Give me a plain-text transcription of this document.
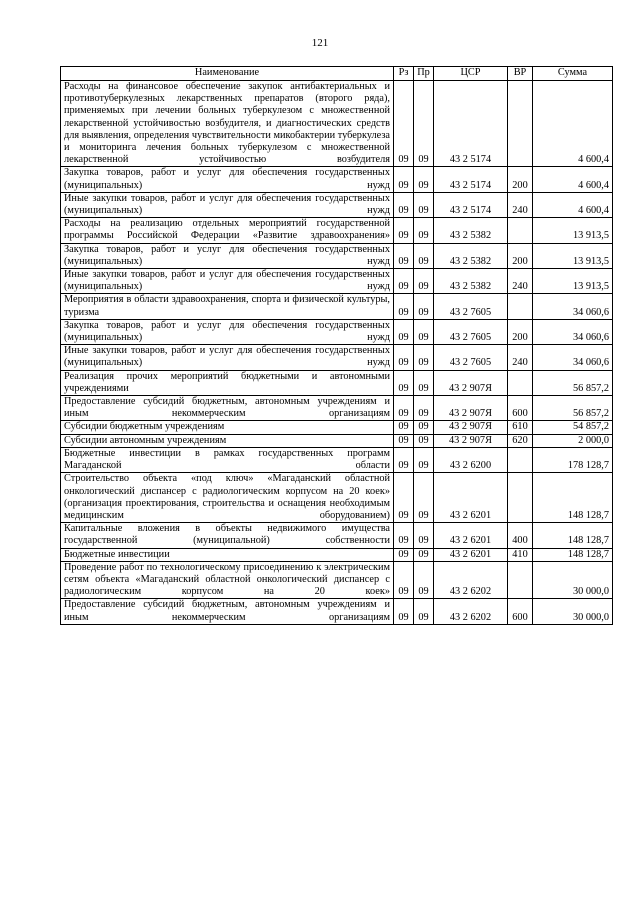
121
Наименование	Рз	Пр	ЦСР	ВР	Сумма
Расходы на финансовое обеспечение закупок антибактериальных и противотуберкулезных лекарственных препаратов (второго ряда), применяемых при лечении больных туберкулезом с множественной лекарственной устойчивостью возбудителя, и диагностических средств для выявления, определения чувствительности микобактерии туберкулеза и мониторинга лечения больных туберкулезом с множественной лекарственной устойчивостью возбудителя	09	09	43 2 5174		4 600,4
Закупка товаров, работ и услуг для обеспечения государственных (муниципальных) нужд	09	09	43 2 5174	200	4 600,4
Иные закупки товаров, работ и услуг для обеспечения государственных (муниципальных) нужд	09	09	43 2 5174	240	4 600,4
Расходы на реализацию отдельных мероприятий государственной программы Российской Федерации «Развитие здравоохранения»	09	09	43 2 5382		13 913,5
Закупка товаров, работ и услуг для обеспечения государственных (муниципальных) нужд	09	09	43 2 5382	200	13 913,5
Иные закупки товаров, работ и услуг для обеспечения государственных (муниципальных) нужд	09	09	43 2 5382	240	13 913,5
Мероприятия в области здравоохранения, спорта и физической культуры, туризма	09	09	43 2 7605		34 060,6
Закупка товаров, работ и услуг для обеспечения государственных (муниципальных) нужд	09	09	43 2 7605	200	34 060,6
Иные закупки товаров, работ и услуг для обеспечения государственных (муниципальных) нужд	09	09	43 2 7605	240	34 060,6
Реализация прочих мероприятий бюджетными и автономными учреждениями	09	09	43 2 907Я		56 857,2
Предоставление субсидий бюджетным, автономным учреждениям и иным некоммерческим организациям	09	09	43 2 907Я	600	56 857,2
Субсидии бюджетным учреждениям	09	09	43 2 907Я	610	54 857,2
Субсидии автономным учреждениям	09	09	43 2 907Я	620	2 000,0
Бюджетные инвестиции в рамках государственных программ Магаданской области	09	09	43 2 6200		178 128,7
Строительство объекта «под ключ» «Магаданский областной онкологический диспансер с радиологическим корпусом на 20 коек» (организация проектирования, строительства и оснащения необходимым медицинским оборудованием)	09	09	43 2 6201		148 128,7
Капитальные вложения в объекты недвижимого имущества государственной (муниципальной) собственности	09	09	43 2 6201	400	148 128,7
Бюджетные инвестиции	09	09	43 2 6201	410	148 128,7
Проведение работ по технологическому присоединению к электрическим сетям объекта «Магаданский областной онкологический диспансер с радиологическим корпусом на 20 коек»	09	09	43 2 6202		30 000,0
Предоставление субсидий бюджетным, автономным учреждениям и иным некоммерческим организациям	09	09	43 2 6202	600	30 000,0
